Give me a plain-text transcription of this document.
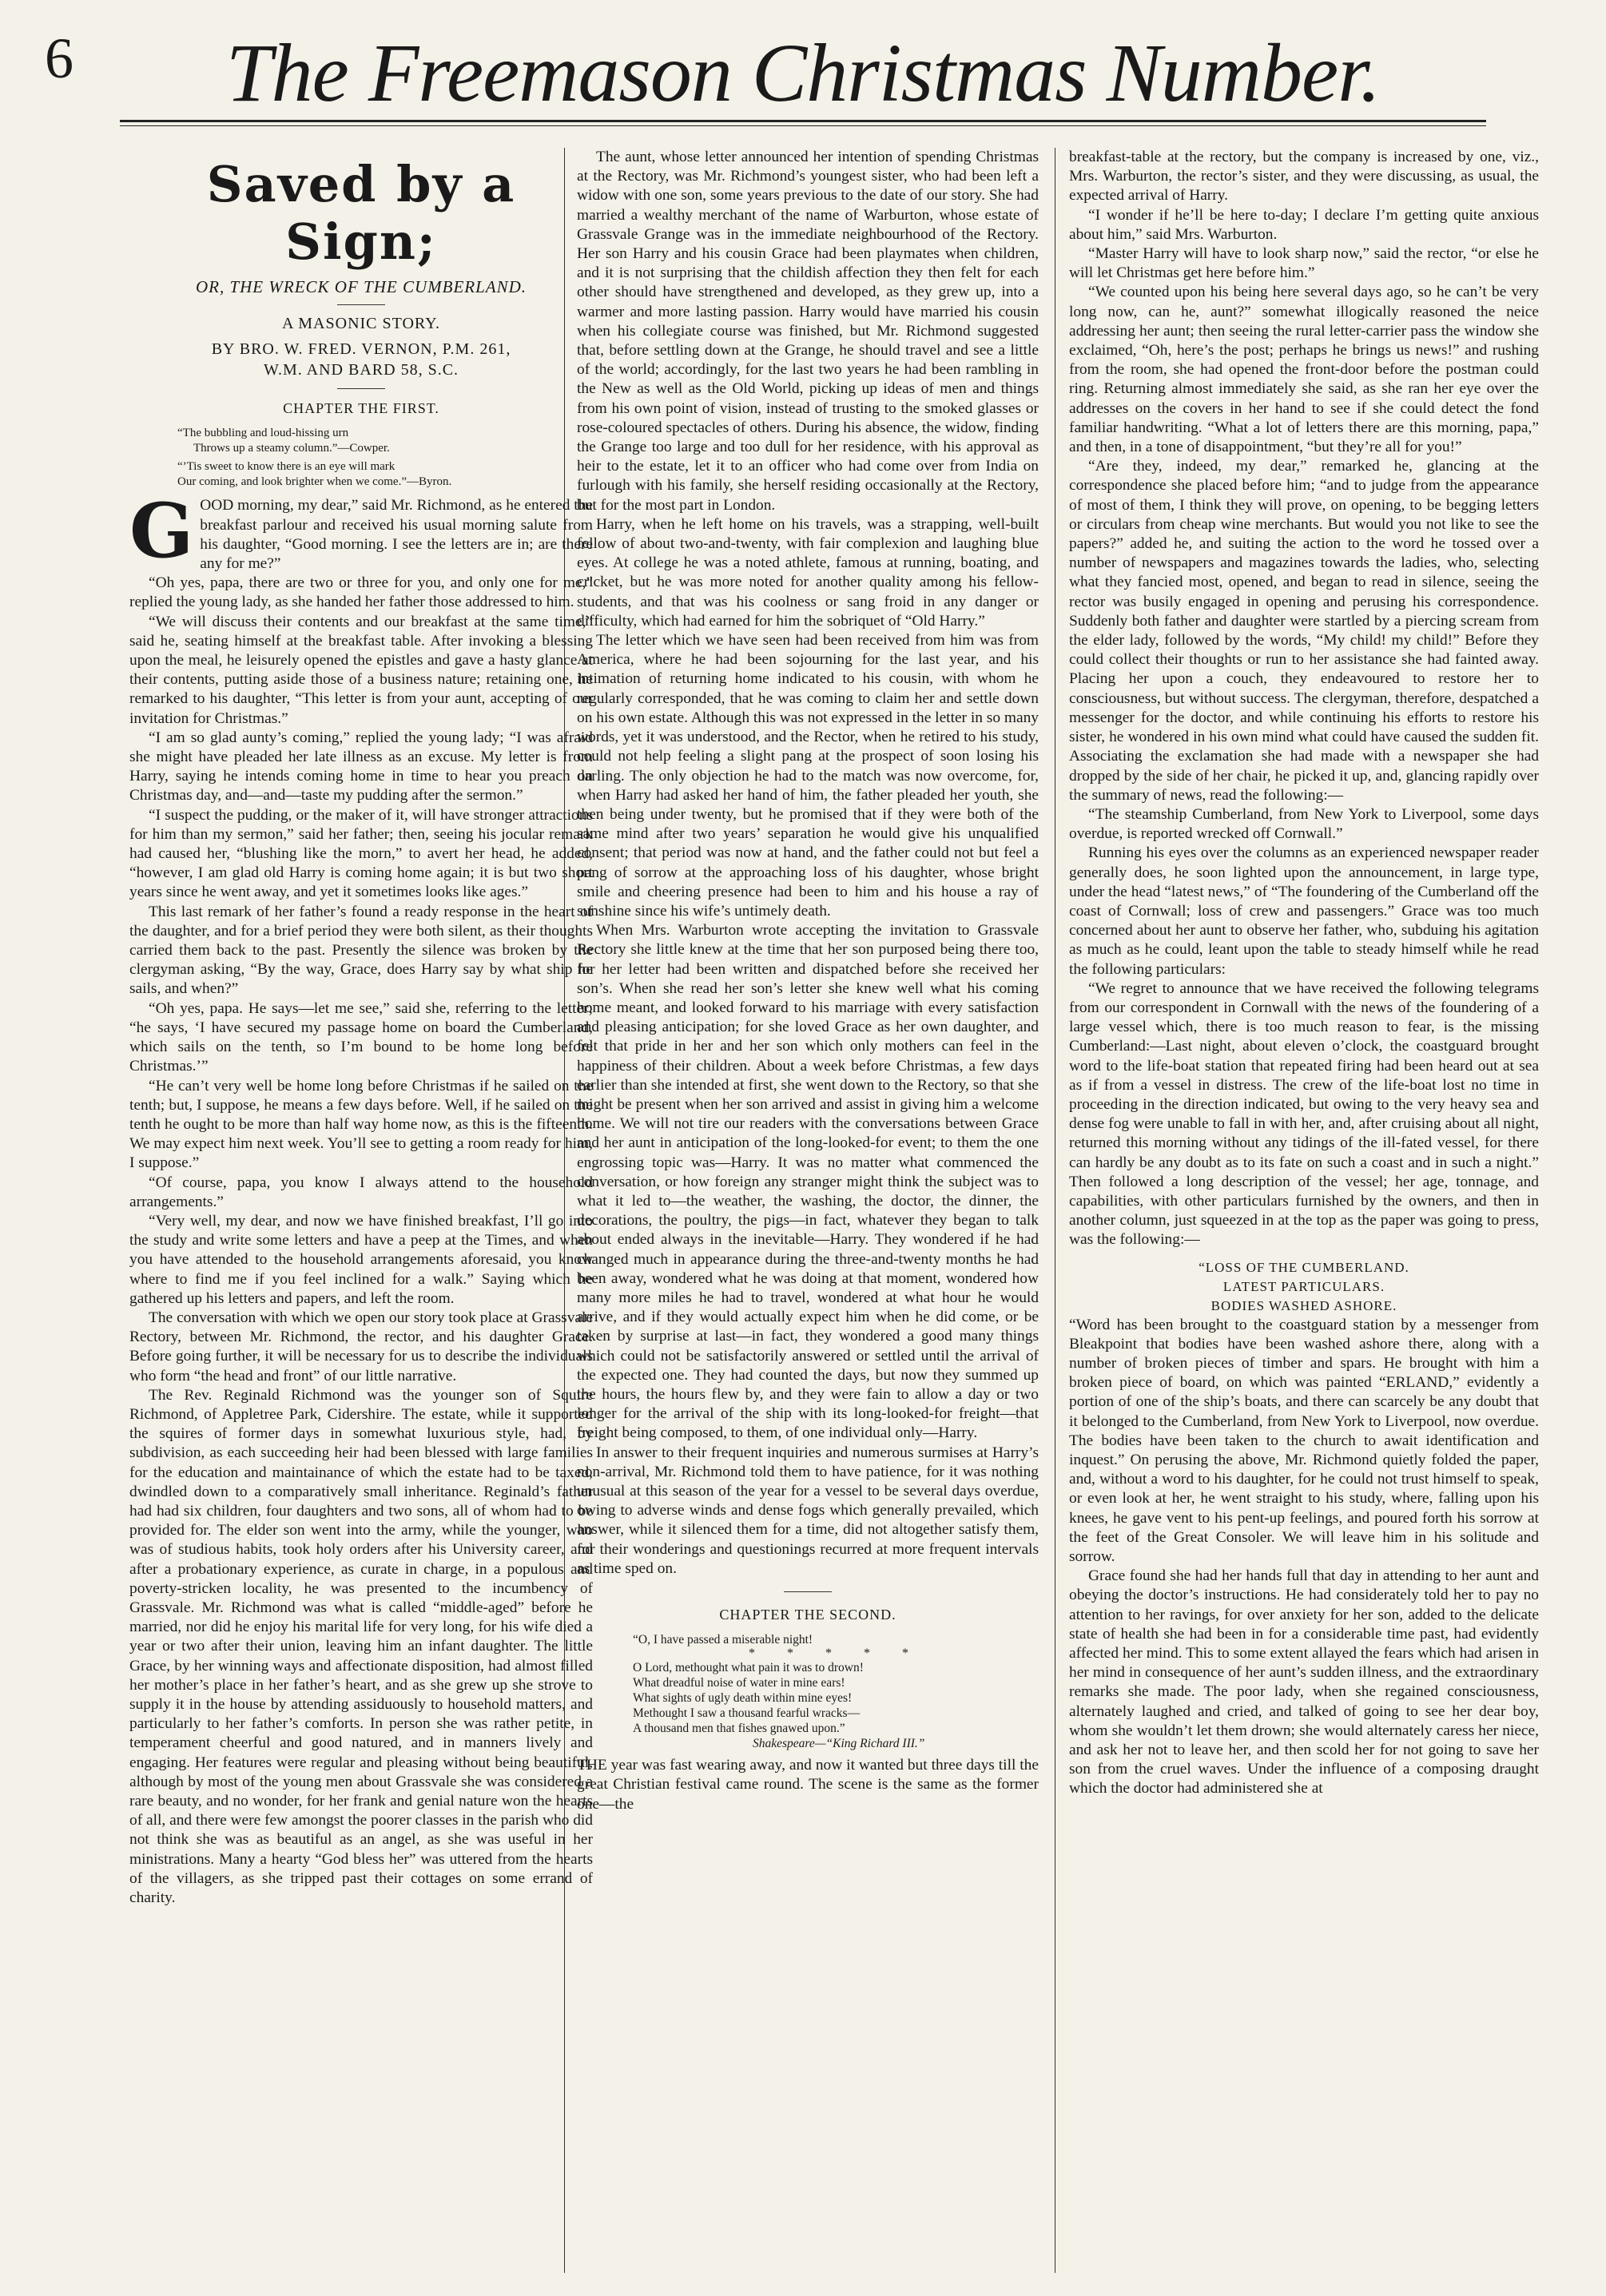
6	The Freemason Christmas Number.
Saved by a Sign;
OR, THE WRECK OF THE CUMBERLAND.
A MASONIC STORY.
BY BRO. W. FRED. VERNON, P.M. 261,
W.M. AND BARD 58, S.C.
CHAPTER THE FIRST.
“The bubbling and loud-hissing urn
Throws up a steamy column.”—Cowper.
“’Tis sweet to know there is an eye will mark
Our coming, and look brighter when we come.”—Byron.

GOOD morning, my dear,” said Mr. Richmond, as he entered the breakfast parlour and received his usual morning salute from his daughter, “Good morning. I see the letters are in; are there any for me?”

“Oh yes, papa, there are two or three for you, and only one for me,” replied the young lady, as she handed her father those addressed to him.

“We will discuss their contents and our breakfast at the same time,” said he, seating himself at the breakfast table. After invoking a blessing upon the meal, he leisurely opened the epistles and gave a hasty glance at their contents, putting aside those of a business nature; retaining one, he remarked to his daughter, “This letter is from your aunt, accepting of our invitation for Christmas.”

“I am so glad aunty’s coming,” replied the young lady; “I was afraid she might have pleaded her late illness as an excuse. My letter is from Harry, saying he intends coming home in time to hear you preach on Christmas day, and—and—taste my pudding after the sermon.”

“I suspect the pudding, or the maker of it, will have stronger attractions for him than my sermon,” said her father; then, seeing his jocular remark had caused her, “blushing like the morn,” to avert her head, he added, “however, I am glad old Harry is coming home again; it is but two short years since he went away, and yet it sometimes looks like ages.”

This last remark of her father’s found a ready response in the heart of the daughter, and for a brief period they were both silent, as their thoughts carried them back to the past. Presently the silence was broken by the clergyman asking, “By the way, Grace, does Harry say by what ship he sails, and when?”

“Oh yes, papa. He says—let me see,” said she, referring to the letter; “he says, ‘I have secured my passage home on board the Cumberland, which sails on the tenth, so I’m bound to be home long before Christmas.’”

“He can’t very well be home long before Christmas if he sailed on the tenth; but, I suppose, he means a few days before. Well, if he sailed on the tenth he ought to be more than half way home now, as this is the fifteenth. We may expect him next week. You’ll see to getting a room ready for him, I suppose.”

“Of course, papa, you know I always attend to the household arrangements.”

“Very well, my dear, and now we have finished breakfast, I’ll go into the study and write some letters and have a peep at the Times, and when you have attended to the household arrangements aforesaid, you know where to find me if you feel inclined for a walk.” Saying which he gathered up his letters and papers, and left the room.

The conversation with which we open our story took place at Grassvale Rectory, between Mr. Richmond, the rector, and his daughter Grace. Before going further, it will be necessary for us to describe the individuals who form “the head and front” of our little narrative.

The Rev. Reginald Richmond was the younger son of Squire Richmond, of Appletree Park, Cidershire. The estate, while it supported the squires of former days in somewhat luxurious style, had, by subdivision, as each succeeding heir had been blessed with large families for the education and maintainance of which the estate had to be taxed, dwindled down to a comparatively small inheritance. Reginald’s father had had six children, four daughters and two sons, all of whom had to be provided for. The elder son went into the army, while the younger, who was of studious habits, took holy orders after his University career, and after a probationary experience, as curate in charge, in a populous and poverty-stricken locality, he was presented to the incumbency of Grassvale. Mr. Richmond was what is called “middle-aged” before he married, nor did he enjoy his marital life for very long, for his wife died a year or two after their union, leaving him an infant daughter. The little Grace, by her winning ways and affectionate disposition, had almost filled her mother’s place in her father’s heart, and as she grew up she strove to supply it in the house by attending assiduously to household matters, and particularly to her father’s comforts. In person she was rather petite, in temperament cheerful and good natured, and in manners lively and engaging. Her features were regular and pleasing without being beautiful, although by most of the young men about Grassvale she was considered a rare beauty, and no wonder, for her frank and genial nature won the hearts of all, and there were few amongst the poorer classes in the parish who did not think she was as beautiful as an angel, as she was useful in her ministrations. Many a hearty “God bless her” was uttered from the hearts of the villagers, as she tripped past their cottages on some errand of charity.

The aunt, whose letter announced her intention of spending Christmas at the Rectory, was Mr. Richmond’s youngest sister, who had been left a widow with one son, some years previous to the date of our story. She had married a wealthy merchant of the name of Warburton, whose estate of Grassvale Grange was in the immediate neighbourhood of the Rectory. Her son Harry and his cousin Grace had been playmates when children, and it is not surprising that the childish affection they then felt for each other should have strengthened and developed, as they grew up, into a warmer and more lasting passion. Harry would have married his cousin when his collegiate course was finished, but Mr. Richmond suggested that, before settling down at the Grange, he should travel and see a little of the world; accordingly, for the last two years he had been rambling in the New as well as the Old World, picking up ideas of men and things from his own point of vision, instead of trusting to the smoked glasses or rose-coloured spectacles of others. During his absence, the widow, finding the Grange too large and too dull for her residence, with his approval as heir to the estate, let it to an officer who had come over from India on furlough with his family, she herself residing occasionally at the Rectory, but for the most part in London.

Harry, when he left home on his travels, was a strapping, well-built fellow of about two-and-twenty, with fair complexion and laughing blue eyes. At college he was a noted athlete, famous at running, boating, and cricket, but he was more noted for another quality among his fellow-students, and that was his coolness or sang froid in any danger or difficulty, which had earned for him the sobriquet of “Old Harry.”

The letter which we have seen had been received from him was from America, where he had been sojourning for the last year, and his intimation of returning home indicated to his cousin, with whom he regularly corresponded, that he was coming to claim her and settle down on his own estate. Although this was not expressed in the letter in so many words, yet it was understood, and the Rector, when he retired to his study, could not help feeling a slight pang at the prospect of soon losing his darling. The only objection he had to the match was now overcome, for, when Harry had asked her hand of him, the father pleaded her youth, she then being under twenty, but he promised that if they were both of the same mind after two years’ separation he would give his unqualified consent; that period was now at hand, and the father could not but feel a pang of sorrow at the approaching loss of his daughter, whose bright smile and cheering presence had been to him and his house a ray of sunshine since his wife’s untimely death.

When Mrs. Warburton wrote accepting the invitation to Grassvale Rectory she little knew at the time that her son purposed being there too, for her letter had been written and dispatched before she received her son’s. When she read her son’s letter she knew well what his coming home meant, and looked forward to his marriage with every satisfaction and pleasing anticipation; for she loved Grace as her own daughter, and felt that pride in her and her son which only mothers can feel in the happiness of their children. About a week before Christmas, a few days earlier than she intended at first, she went down to the Rectory, so that she might be present when her son arrived and assist in giving him a welcome home. We will not tire our readers with the conversations between Grace and her aunt in anticipation of the long-looked-for event; to them the one engrossing topic was—Harry. It was no matter what commenced the conversation, or how foreign any stranger might think the subject was to what it led to—the weather, the washing, the doctor, the dinner, the decorations, the poultry, the pigs—in fact, whatever they began to talk about ended always in the inevitable—Harry. They wondered if he had changed much in appearance during the three-and-twenty months he had been away, wondered what he was doing at that moment, wondered how many more miles he had to travel, wondered at what hour he would arrive, and if they would actually expect him when he did come, or be taken by surprise at last—in fact, they wondered a good many things which could not be satisfactorily answered or settled until the arrival of the expected one. They had counted the days, but now they summed up the hours, the hours flew by, and they were fain to allow a day or two longer for the arrival of the ship with its long-looked-for freight—that freight being composed, to them, of one individual only—Harry.

In answer to their frequent inquiries and numerous surmises at Harry’s non-arrival, Mr. Richmond told them to have patience, for it was nothing unusual at this season of the year for a vessel to be several days overdue, owing to adverse winds and dense fogs which generally prevailed, which answer, while it silenced them for a time, did not altogether satisfy them, for their wonderings and questionings recurred at more frequent intervals as time sped on.

CHAPTER THE SECOND.
“O, I have passed a miserable night!
* * * * *
O Lord, methought what pain it was to drown!
What dreadful noise of water in mine ears!
What sights of ugly death within mine eyes!
Methought I saw a thousand fearful wracks—
A thousand men that fishes gnawed upon.”
Shakespeare—“King Richard III.”

THE year was fast wearing away, and now it wanted but three days till the great Christian festival came round. The scene is the same as the former one—the

breakfast-table at the rectory, but the company is increased by one, viz., Mrs. Warburton, the rector’s sister, and they were discussing, as usual, the expected arrival of Harry.

“I wonder if he’ll be here to-day; I declare I’m getting quite anxious about him,” said Mrs. Warburton.

“Master Harry will have to look sharp now,” said the rector, “or else he will let Christmas get here before him.”

“We counted upon his being here several days ago, so he can’t be very long now, can he, aunt?” somewhat illogically reasoned the neice addressing her aunt; then seeing the rural letter-carrier pass the window she exclaimed, “Oh, here’s the post; perhaps he brings us news!” and rushing from the room, she had opened the front-door before the postman could ring. Returning almost immediately she said, as she ran her eye over the addresses on the covers in her hand to see if she could detect the fond familiar handwriting. “What a lot of letters there are this morning, papa,” and then, in a tone of disappointment, “but they’re all for you!”

“Are they, indeed, my dear,” remarked he, glancing at the correspondence she placed before him; “and to judge from the appearance of most of them, I think they will prove, on opening, to be begging letters or circulars from cheap wine merchants. But would you not like to see the papers?” added he, and suiting the action to the word he tossed over a number of newspapers and magazines towards the ladies, who, selecting what they fancied most, opened, and began to read in silence, seeing the rector was busily engaged in opening and perusing his correspondence. Suddenly both father and daughter were startled by a piercing scream from the elder lady, followed by the words, “My child! my child!” Before they could collect their thoughts or run to her assistance she had fainted away. Placing her upon a couch, they endeavoured to restore her to consciousness, but without success. The clergyman, therefore, despatched a messenger for the doctor, and while continuing his efforts to restore his sister, he wondered in his own mind what could have caused the sudden fit. Associating the exclamation she had made with a newspaper she had dropped by the side of her chair, he picked it up, and, glancing rapidly over the summary of news, read the following:—

“The steamship Cumberland, from New York to Liverpool, some days overdue, is reported wrecked off Cornwall.”

Running his eyes over the columns as an experienced newspaper reader generally does, he soon lighted upon the announcement, in large type, under the head “latest news,” of “The foundering of the Cumberland off the coast of Cornwall; loss of crew and passengers.” Grace was too much concerned about her aunt to observe her father, who, subduing his agitation as much as he could, leant upon the table to steady himself while he read the following particulars:

“We regret to announce that we have received the following telegrams from our correspondent in Cornwall with the news of the foundering of a large vessel which, there is too much reason to fear, is the missing Cumberland:—Last night, about eleven o’clock, the coastguard brought word to the life-boat station that repeated firing had been heard out at sea as if from a vessel in distress. The crew of the life-boat lost no time in proceeding in the direction indicated, but owing to the very heavy sea and dense fog were unable to fall in with her, and, after cruising about all night, returned this morning without any tidings of the ill-fated vessel, for there can hardly be any doubt as to its fate on such a coast and in such a night.” Then followed a long description of the vessel; her age, tonnage, and capabilities, with other particulars furnished by the owners, and then in another column, just squeezed in at the top as the paper was going to press, was the following:—

“LOSS OF THE CUMBERLAND.
LATEST PARTICULARS.
BODIES WASHED ASHORE.

“Word has been brought to the coastguard station by a messenger from Bleakpoint that bodies have been washed ashore there, along with a number of broken pieces of timber and spars. He brought with him a broken piece of board, on which was painted “ERLAND,” evidently a portion of one of the ship’s boats, and there can scarcely be any doubt that it belonged to the Cumberland, from New York to Liverpool, now overdue. The bodies have been taken to the church to await identification and inquest.” On perusing the above, Mr. Richmond quietly folded the paper, and, without a word to his daughter, for he could not trust himself to speak, or even look at her, he went straight to his study, where, falling upon his knees, he gave vent to his pent-up feelings, and poured forth his sorrow at the feet of the Great Consoler. We will leave him in his solitude and sorrow.

Grace found she had her hands full that day in attending to her aunt and obeying the doctor’s instructions. He had considerately told her to pay no attention to her ravings, for over anxiety for her son, added to the delicate state of health she had been in for a considerable time past, had evidently affected her mind. This to some extent allayed the fears which had arisen in her mind in consequence of her aunt’s sudden illness, and the extraordinary remarks she made. The poor lady, when she regained consciousness, alternately laughed and cried, and talked of going to see her dear boy, whom she wouldn’t let them drown; she would alternately caress her niece, and ask her not to leave her, and then scold her for not going to save her son from the cruel waves. Under the influence of a composing draught which the doctor had administered she at
